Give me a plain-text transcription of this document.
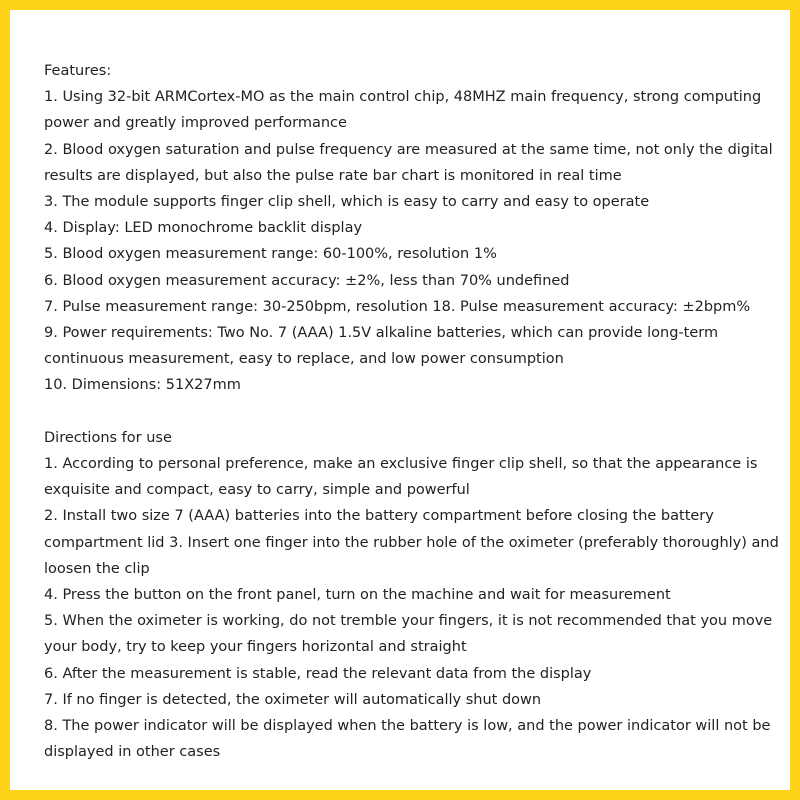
Features:

1. Using 32-bit ARMCortex-MO as the main control chip, 48MHZ main frequency, strong computing power and greatly improved performance

2. Blood oxygen saturation and pulse frequency are measured at the same time, not only the digital results are displayed, but also the pulse rate bar chart is monitored in real time

3. The module supports finger clip shell, which is easy to carry and easy to operate

4. Display: LED monochrome backlit display

5. Blood oxygen measurement range: 60-100%, resolution 1%

6. Blood oxygen measurement accuracy: ±2%, less than 70% undefined

7. Pulse measurement range: 30-250bpm, resolution 18. Pulse measurement accuracy: ±2bpm%

9. Power requirements: Two No. 7 (AAA) 1.5V alkaline batteries, which can provide long-term continuous measurement, easy to replace, and low power consumption

10. Dimensions: 51X27mm

Directions for use

1. According to personal preference, make an exclusive finger clip shell, so that the appearance is exquisite and compact, easy to carry, simple and powerful

2. Install two size 7 (AAA) batteries into the battery compartment before closing the battery compartment lid 3. Insert one finger into the rubber hole of the oximeter (preferably thoroughly) and loosen the clip

4. Press the button on the front panel, turn on the machine and wait for measurement

5. When the oximeter is working, do not tremble your fingers, it is not recommended that you move your body, try to keep your fingers horizontal and straight

6. After the measurement is stable, read the relevant data from the display

7. If no finger is detected, the oximeter will automatically shut down

8. The power indicator will be displayed when the battery is low, and the power indicator will not be displayed in other cases
